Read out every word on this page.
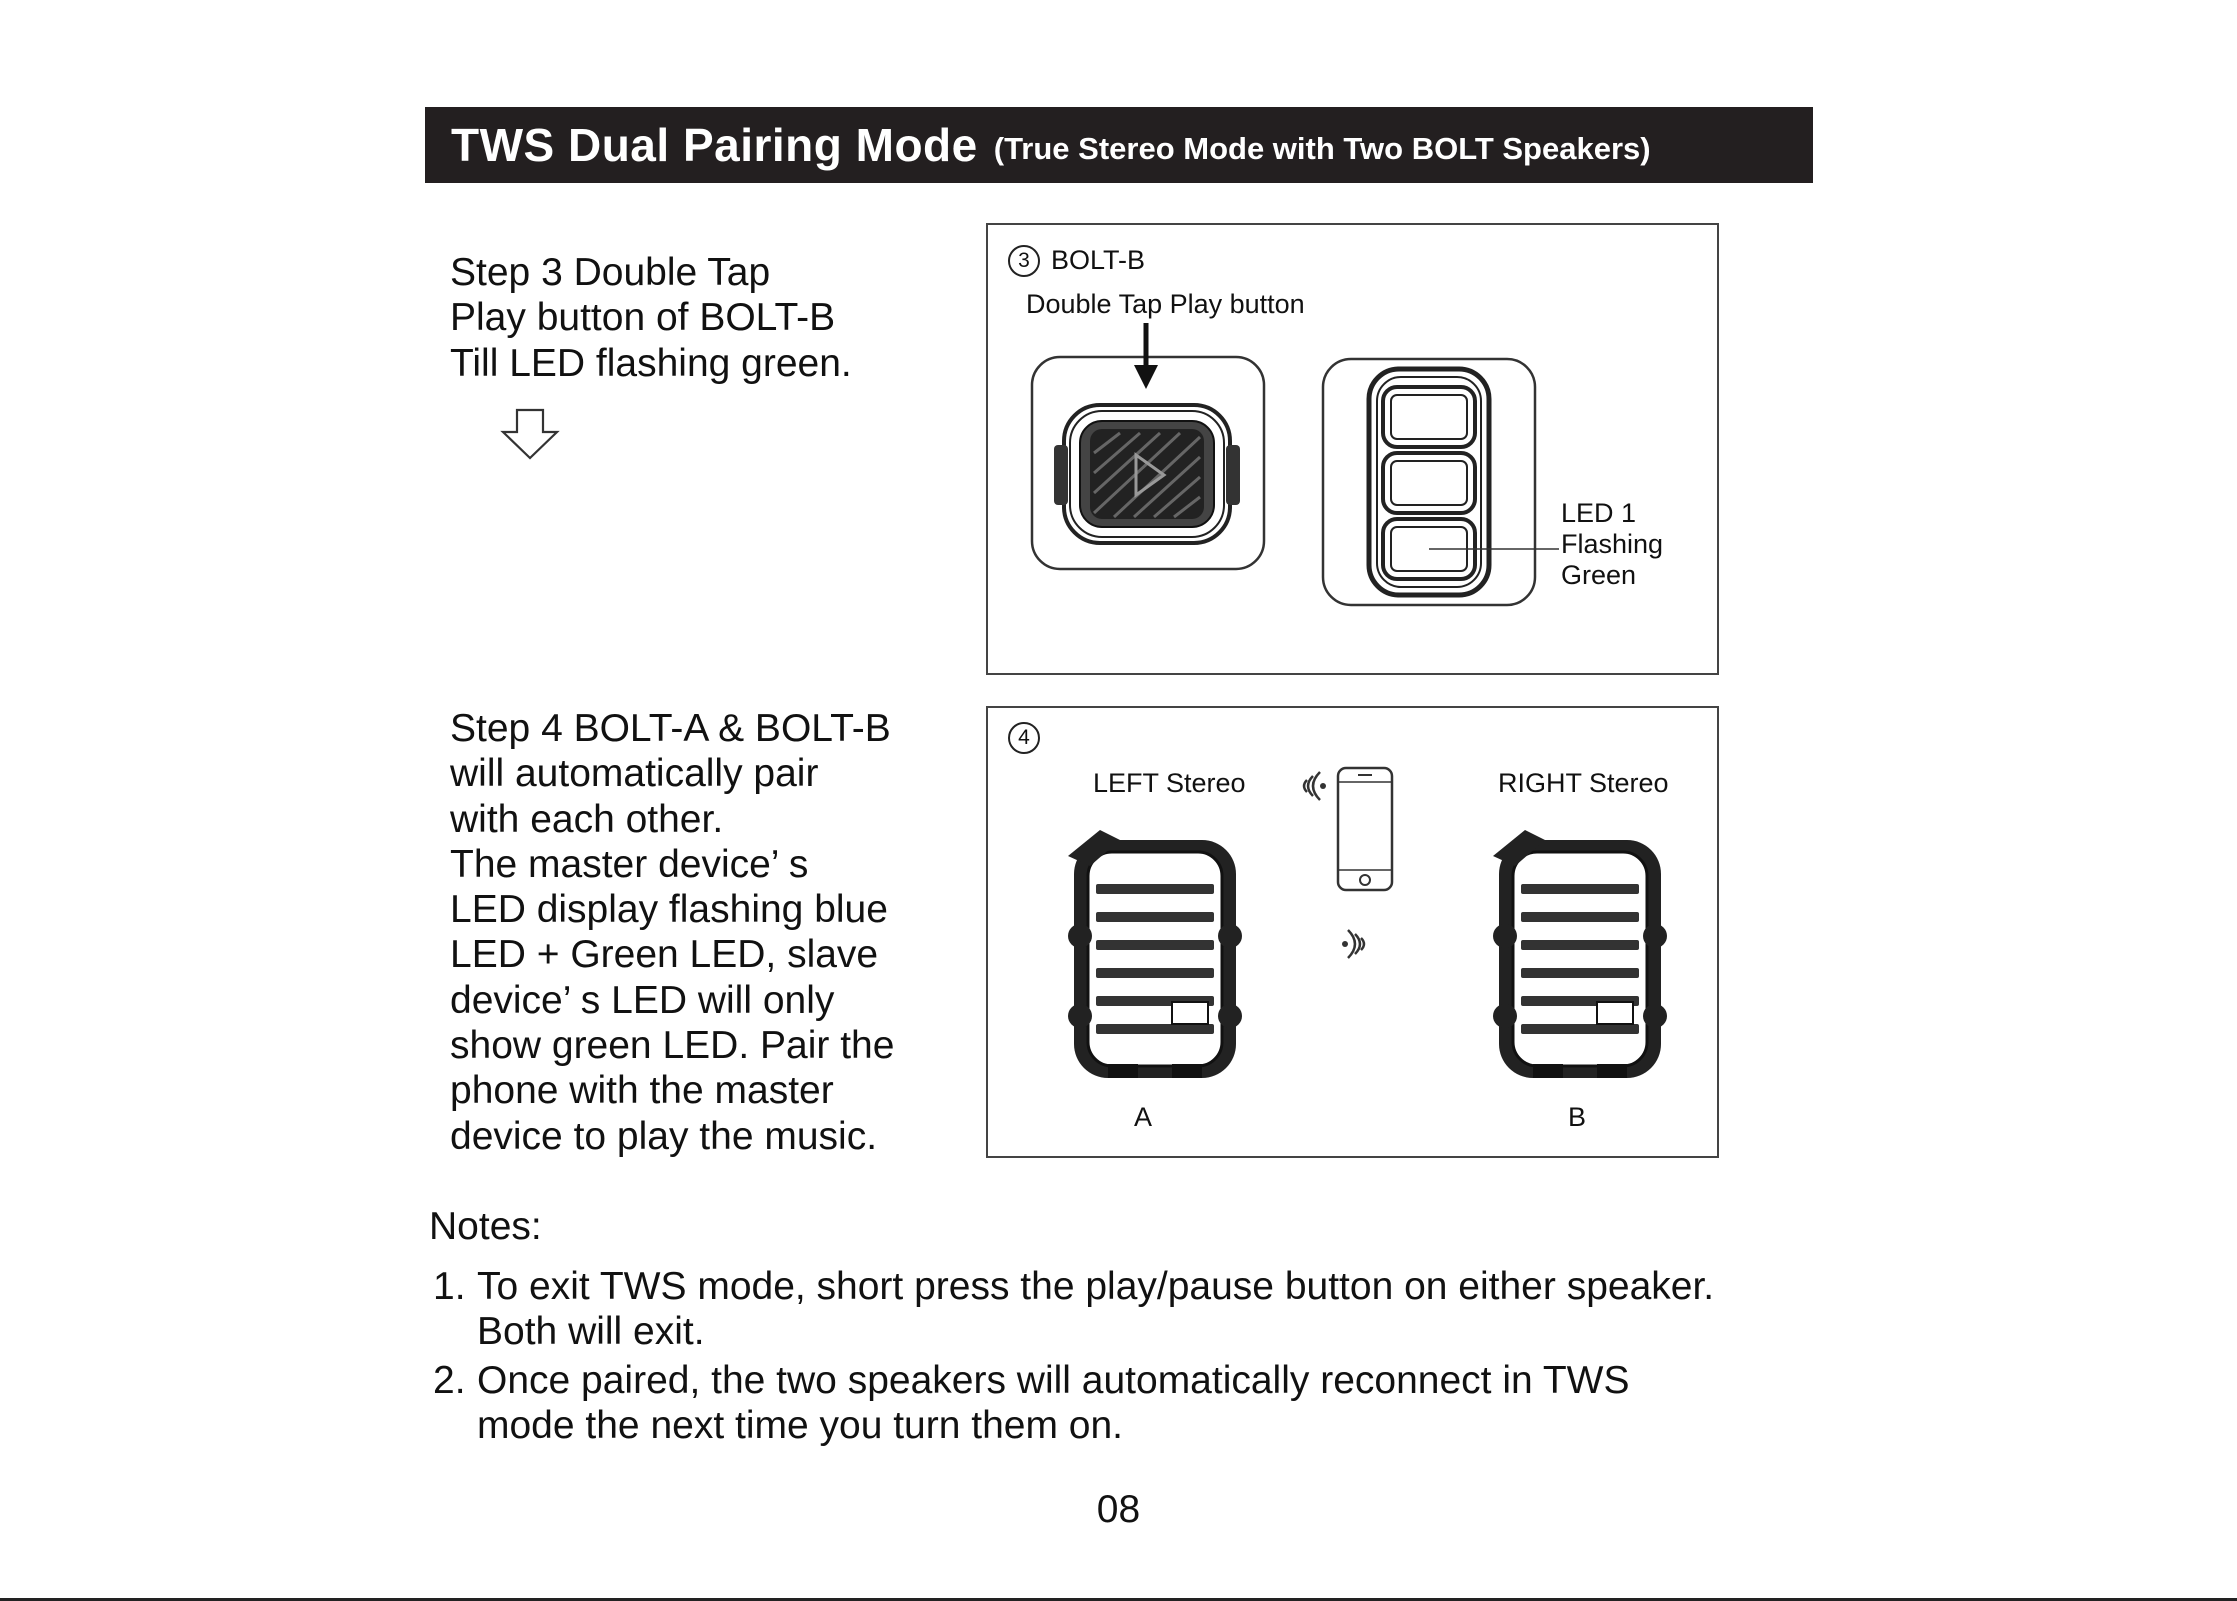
TWS Dual Pairing Mode (True Stereo Mode with Two BOLT Speakers)
Step 3 Double Tap
Play button of BOLT-B
Till LED flashing green.
Step 4 BOLT-A & BOLT-B
will automatically pair
with each other.
The master device’ s
LED display flashing blue
LED + Green LED, slave
device’ s LED will only
show green LED. Pair the
phone with the master
device to play the music.
3 BOLT-B
Double Tap Play button
LED 1
Flashing
Green
4
LEFT Stereo	RIGHT Stereo
A	B
Notes:
1. To exit TWS mode, short press the play/pause button on either speaker.
Both will exit.
2. Once paired, the two speakers will automatically reconnect in TWS
mode the next time you turn them on.
08
